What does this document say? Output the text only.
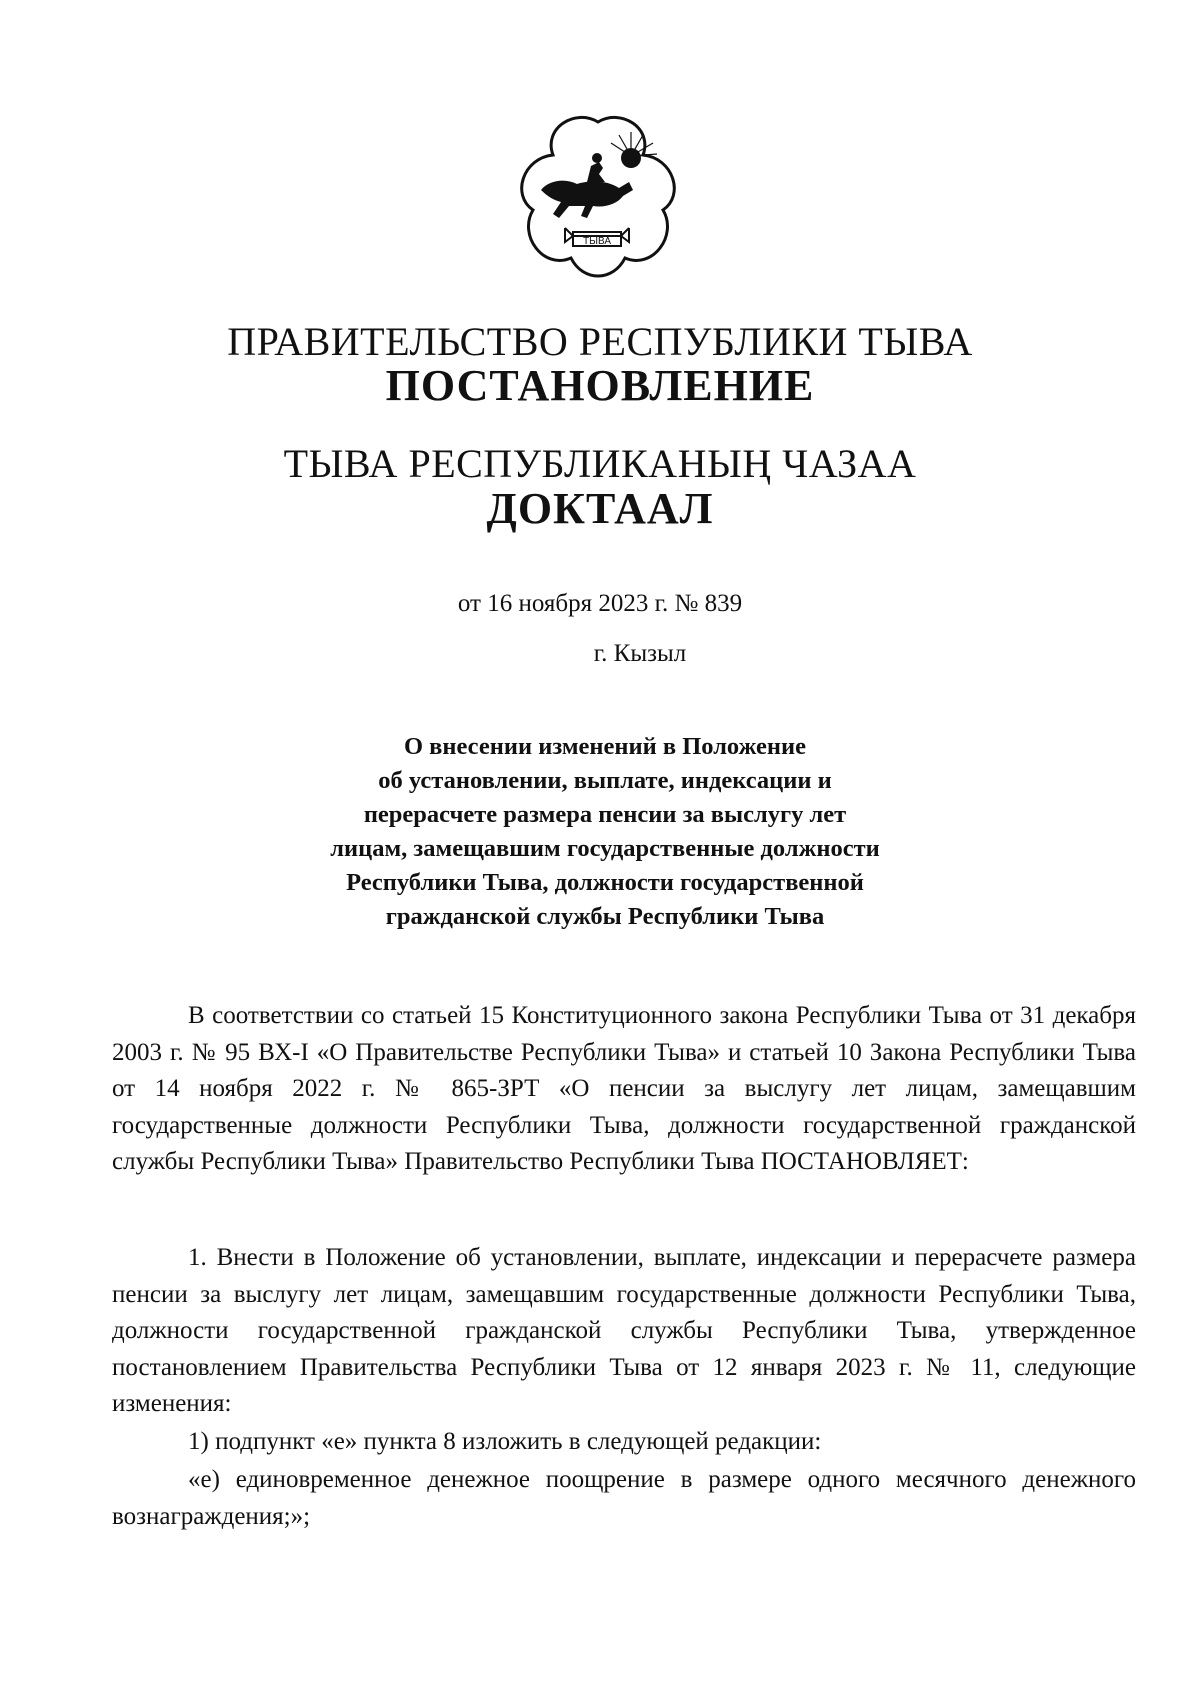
ТЫВА
ПРАВИТЕЛЬСТВО РЕСПУБЛИКИ ТЫВА
ПОСТАНОВЛЕНИЕ
ТЫВА РЕСПУБЛИКАНЫҢ ЧАЗАА
ДОКТААЛ
от 16 ноября 2023 г. № 839
г. Кызыл
О внесении изменений в Положение
об установлении, выплате, индексации и
перерасчете размера пенсии за выслугу лет
лицам, замещавшим государственные должности
Республики Тыва, должности государственной
гражданской службы Республики Тыва

В соответствии со статьей 15 Конституционного закона Республики Тыва от 31 декабря 2003 г. № 95 ВХ-I «О Правительстве Республики Тыва» и статьей 10 Закона Республики Тыва от 14 ноября 2022 г. № 865-ЗРТ «О пенсии за выслугу лет лицам, замещавшим государственные должности Республики Тыва, должности государственной гражданской службы Республики Тыва» Правительство Республики Тыва ПОСТАНОВЛЯЕТ:

1. Внести в Положение об установлении, выплате, индексации и перерасчете размера пенсии за выслугу лет лицам, замещавшим государственные должности Республики Тыва, должности государственной гражданской службы Республики Тыва, утвержденное постановлением Правительства Республики Тыва от 12 января 2023 г. № 11, следующие изменения:

1) подпункт «е» пункта 8 изложить в следующей редакции:

«е) единовременное денежное поощрение в размере одного месячного денежного вознаграждения;»;
